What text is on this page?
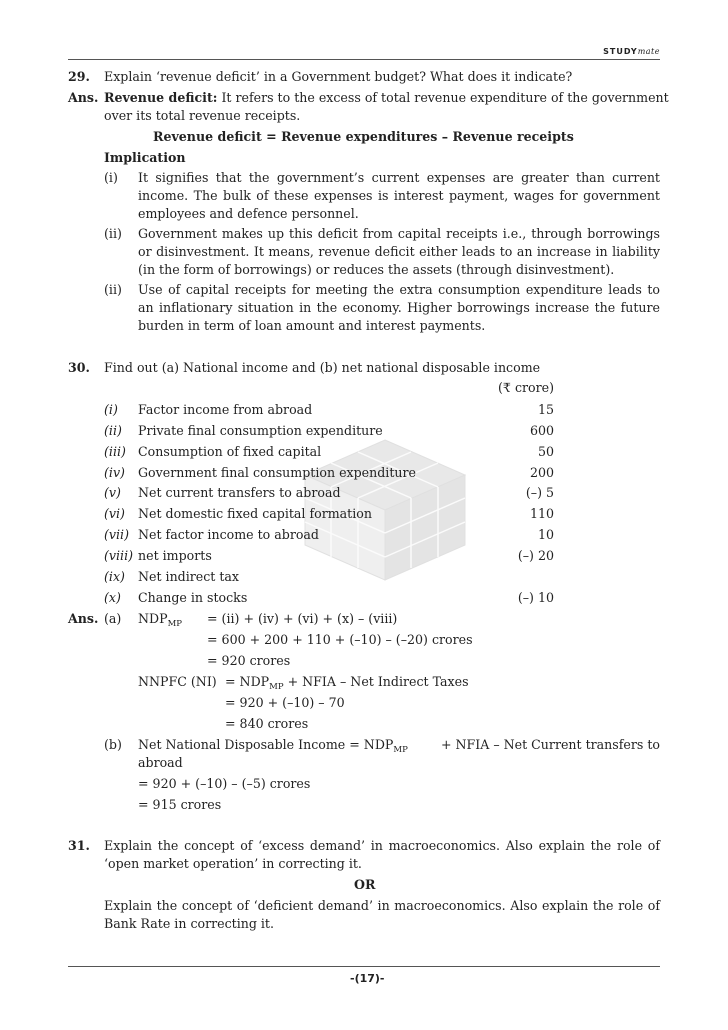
STUDYmate
29. Explain ‘revenue deficit’ in a Government budget? What does it indicate?
Ans. Revenue deficit: It refers to the excess of total revenue expenditure of the government
over its total revenue receipts.
Revenue deficit = Revenue expenditures – Revenue receipts
Implication
(i) It signifies that the government’s current expenses are greater than current
income. The bulk of these expenses is interest payment, wages for government
employees and defence personnel.
(ii) Government makes up this deficit from capital receipts i.e., through borrowings
or disinvestment. It means, revenue deficit either leads to an increase in liability
(in the form of borrowings) or reduces the assets (through disinvestment).
(ii) Use of capital receipts for meeting the extra consumption expenditure leads to
an inflationary situation in the economy. Higher borrowings increase the future
burden in term of loan amount and interest payments.
30. Find out (a) National income and (b) net national disposable income
(₹ crore)
(i) Factor income from abroad	15
(ii) Private final consumption expenditure	600
(iii) Consumption of fixed capital	50
(iv) Government final consumption expenditure	200
(v) Net current transfers to abroad	(–) 5
(vi) Net domestic fixed capital formation	110
(vii) Net factor income to abroad	10
(viii) net imports	(–) 20
(ix) Net indirect tax
(x) Change in stocks	(–) 10
Ans. (a) $NDP_{MP} = (ii) + (iv) + (vi) + (x)$ – (viii)
= 600 + 200 + 110 + (–10) – (–20) crores
= 920 crores
NNPFC $(NI) = NDP_{MP}$ + NFIA – Net Indirect Taxes
= 920 + (–10) – 70
= 840 crores
(b) Net National Disposable Income = $NDP_{MP}$	+ NFIA – Net Current transfers to
abroad
= 920 + (–10) – (–5) crores
= 915 crores
31. Explain the concept of ‘excess demand’ in macroeconomics. Also explain the role of
‘open market operation’ in correcting it.
OR
Explain the concept of ‘deficient demand’ in macroeconomics. Also explain the role of
Bank Rate in correcting it.
-(17)-
